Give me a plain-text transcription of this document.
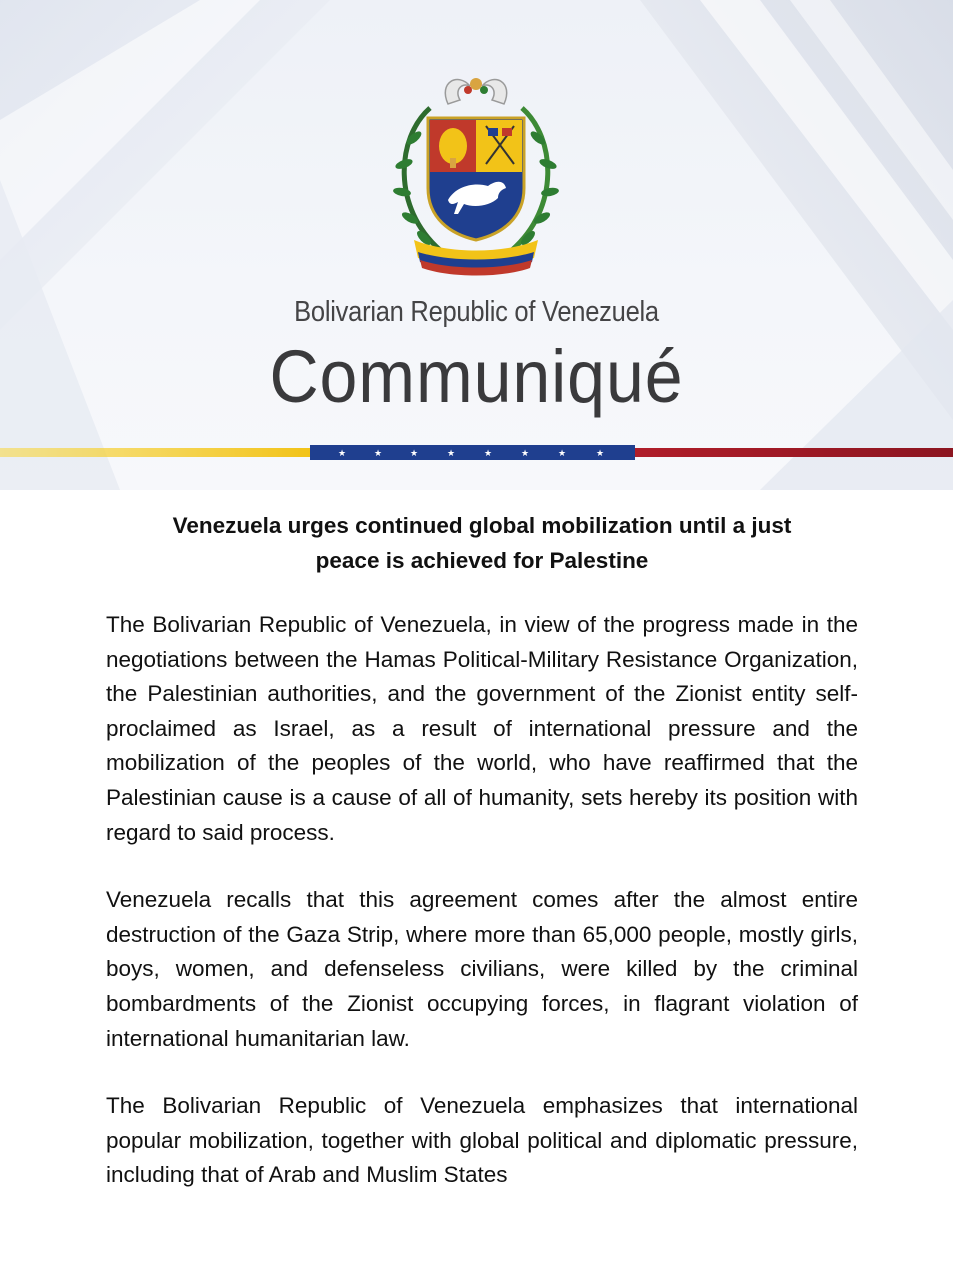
Bolivarian Republic of Venezuela
Communiqué
★	★	★	★	★	★	★	★
Venezuela urges continued global mobilization until a just
peace is achieved for Palestine

The Bolivarian Republic of Venezuela, in view of the progress made in the negotiations between the Hamas Political-Military Resistance Organization, the Palestinian authorities, and the government of the Zionist entity self-proclaimed as Israel, as a result of international pressure and the mobilization of the peoples of the world, who have reaffirmed that the Palestinian cause is a cause of all of humanity, sets hereby its position with regard to said process.

Venezuela recalls that this agreement comes after the almost entire destruction of the Gaza Strip, where more than 65,000 people, mostly girls, boys, women, and defenseless civilians, were killed by the criminal bombardments of the Zionist occupying forces, in flagrant violation of international humanitarian law.

The Bolivarian Republic of Venezuela emphasizes that international popular mobilization, together with global political and diplomatic pressure, including that of Arab and Muslim States
